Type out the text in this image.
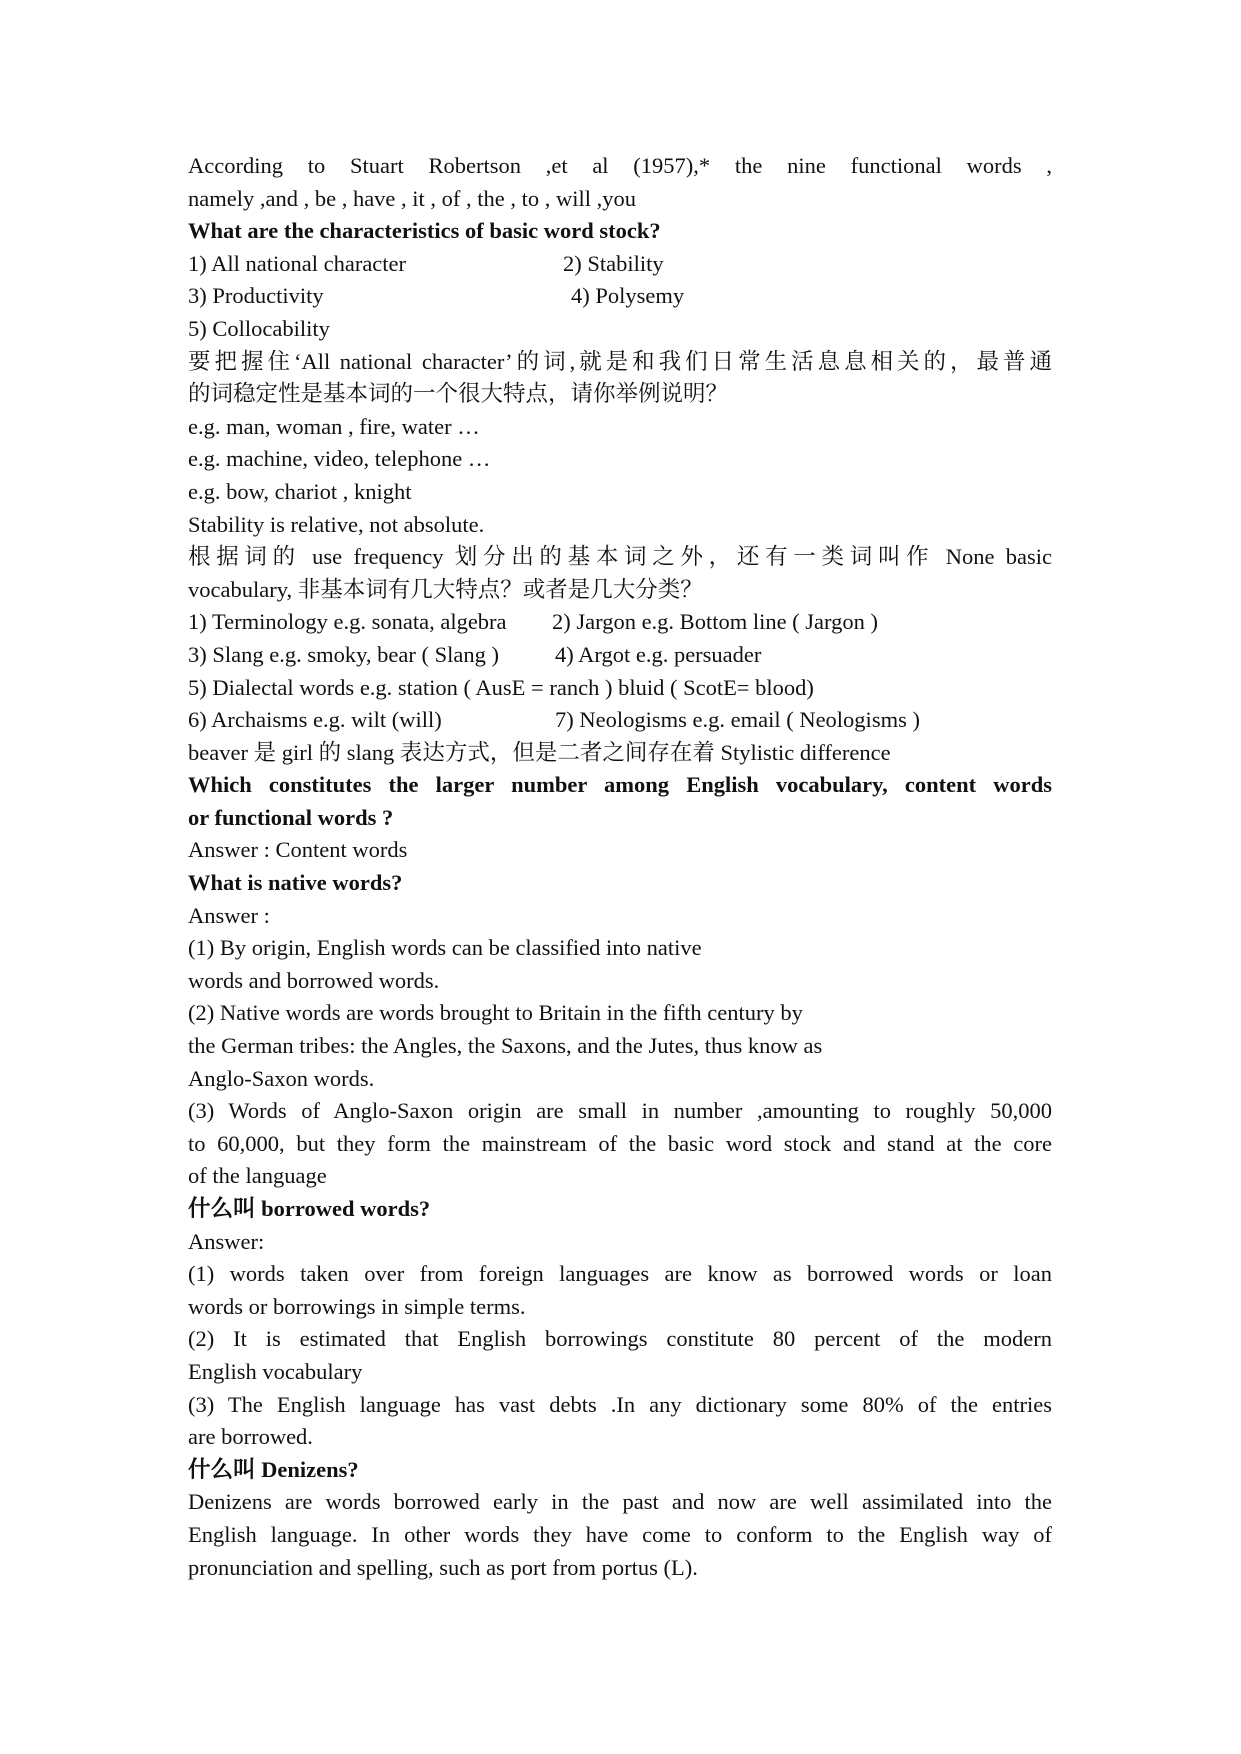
According to Stuart Robertson ,et al (1957),* the nine functional words ,
namely ,and , be , have , it , of , the , to , will ,you
What are the characteristics of basic word stock?
1) All national character	2) Stability
3) Productivity	4) Polysemy
5) Collocability
要把握住‘All national character’的词,就是和我们日常生活息息相关的，最普通
的词稳定性是基本词的一个很大特点，请你举例说明？
e.g. man, woman , fire, water …
e.g. machine, video, telephone …
e.g. bow, chariot , knight
Stability is relative, not absolute.
根据词的 use frequency 划分出的基本词之外，还有一类词叫作 None basic
vocabulary, 非基本词有几大特点？或者是几大分类？
1) Terminology e.g. sonata, algebra	2) Jargon e.g. Bottom line ( Jargon )
3) Slang e.g. smoky, bear ( Slang )	4) Argot e.g. persuader
5) Dialectal words e.g. station ( AusE = ranch ) bluid ( ScotE= blood)
6) Archaisms e.g. wilt (will)	7) Neologisms e.g. email ( Neologisms )
beaver 是 girl 的 slang 表达方式，但是二者之间存在着 Stylistic difference
Which constitutes the larger number among English vocabulary, content words
or functional words ?
Answer : Content words
What is native words?
Answer :
(1) By origin, English words can be classified into native
words and borrowed words.
(2) Native words are words brought to Britain in the fifth century by
the German tribes: the Angles, the Saxons, and the Jutes, thus know as
Anglo-Saxon words.
(3) Words of Anglo-Saxon origin are small in number ,amounting to roughly 50,000
to 60,000, but they form the mainstream of the basic word stock and stand at the core
of the language
什么叫 borrowed words?
Answer:
(1) words taken over from foreign languages are know as borrowed words or loan
words or borrowings in simple terms.
(2) It is estimated that English borrowings constitute 80 percent of the modern
English vocabulary
(3) The English language has vast debts .In any dictionary some 80% of the entries
are borrowed.
什么叫 Denizens?
Denizens are words borrowed early in the past and now are well assimilated into the
English language. In other words they have come to conform to the English way of
pronunciation and spelling, such as port from portus (L).
